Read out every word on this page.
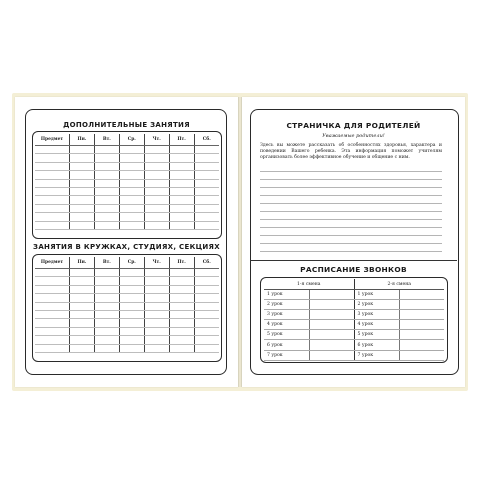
ДОПОЛНИТЕЛЬНЫЕ ЗАНЯТИЯ
Предмет	Пн.	Вт.	Ср.	Чт.	Пт.	Сб.

ЗАНЯТИЯ В КРУЖКАХ, СТУДИЯХ, СЕКЦИЯХ
Предмет	Пн.	Вт.	Ср.	Чт.	Пт.	Сб.

СТРАНИЧКА ДЛЯ РОДИТЕЛЕЙ
Уважаемые родители!
Здесь вы можете рассказать об особенностях здоровья, характера и поведении Вашего ребенка. Эта информация поможет учителям организовать более эффективное обучение и общение с ним.
РАСПИСАНИЕ ЗВОНКОВ
1-я смена		2-я смена	
1 урок		1 урок	
2 урок		2 урок	
3 урок		3 урок	
4 урок		4 урок	
5 урок		5 урок	
6 урок		6 урок	
7 урок		7 урок	
